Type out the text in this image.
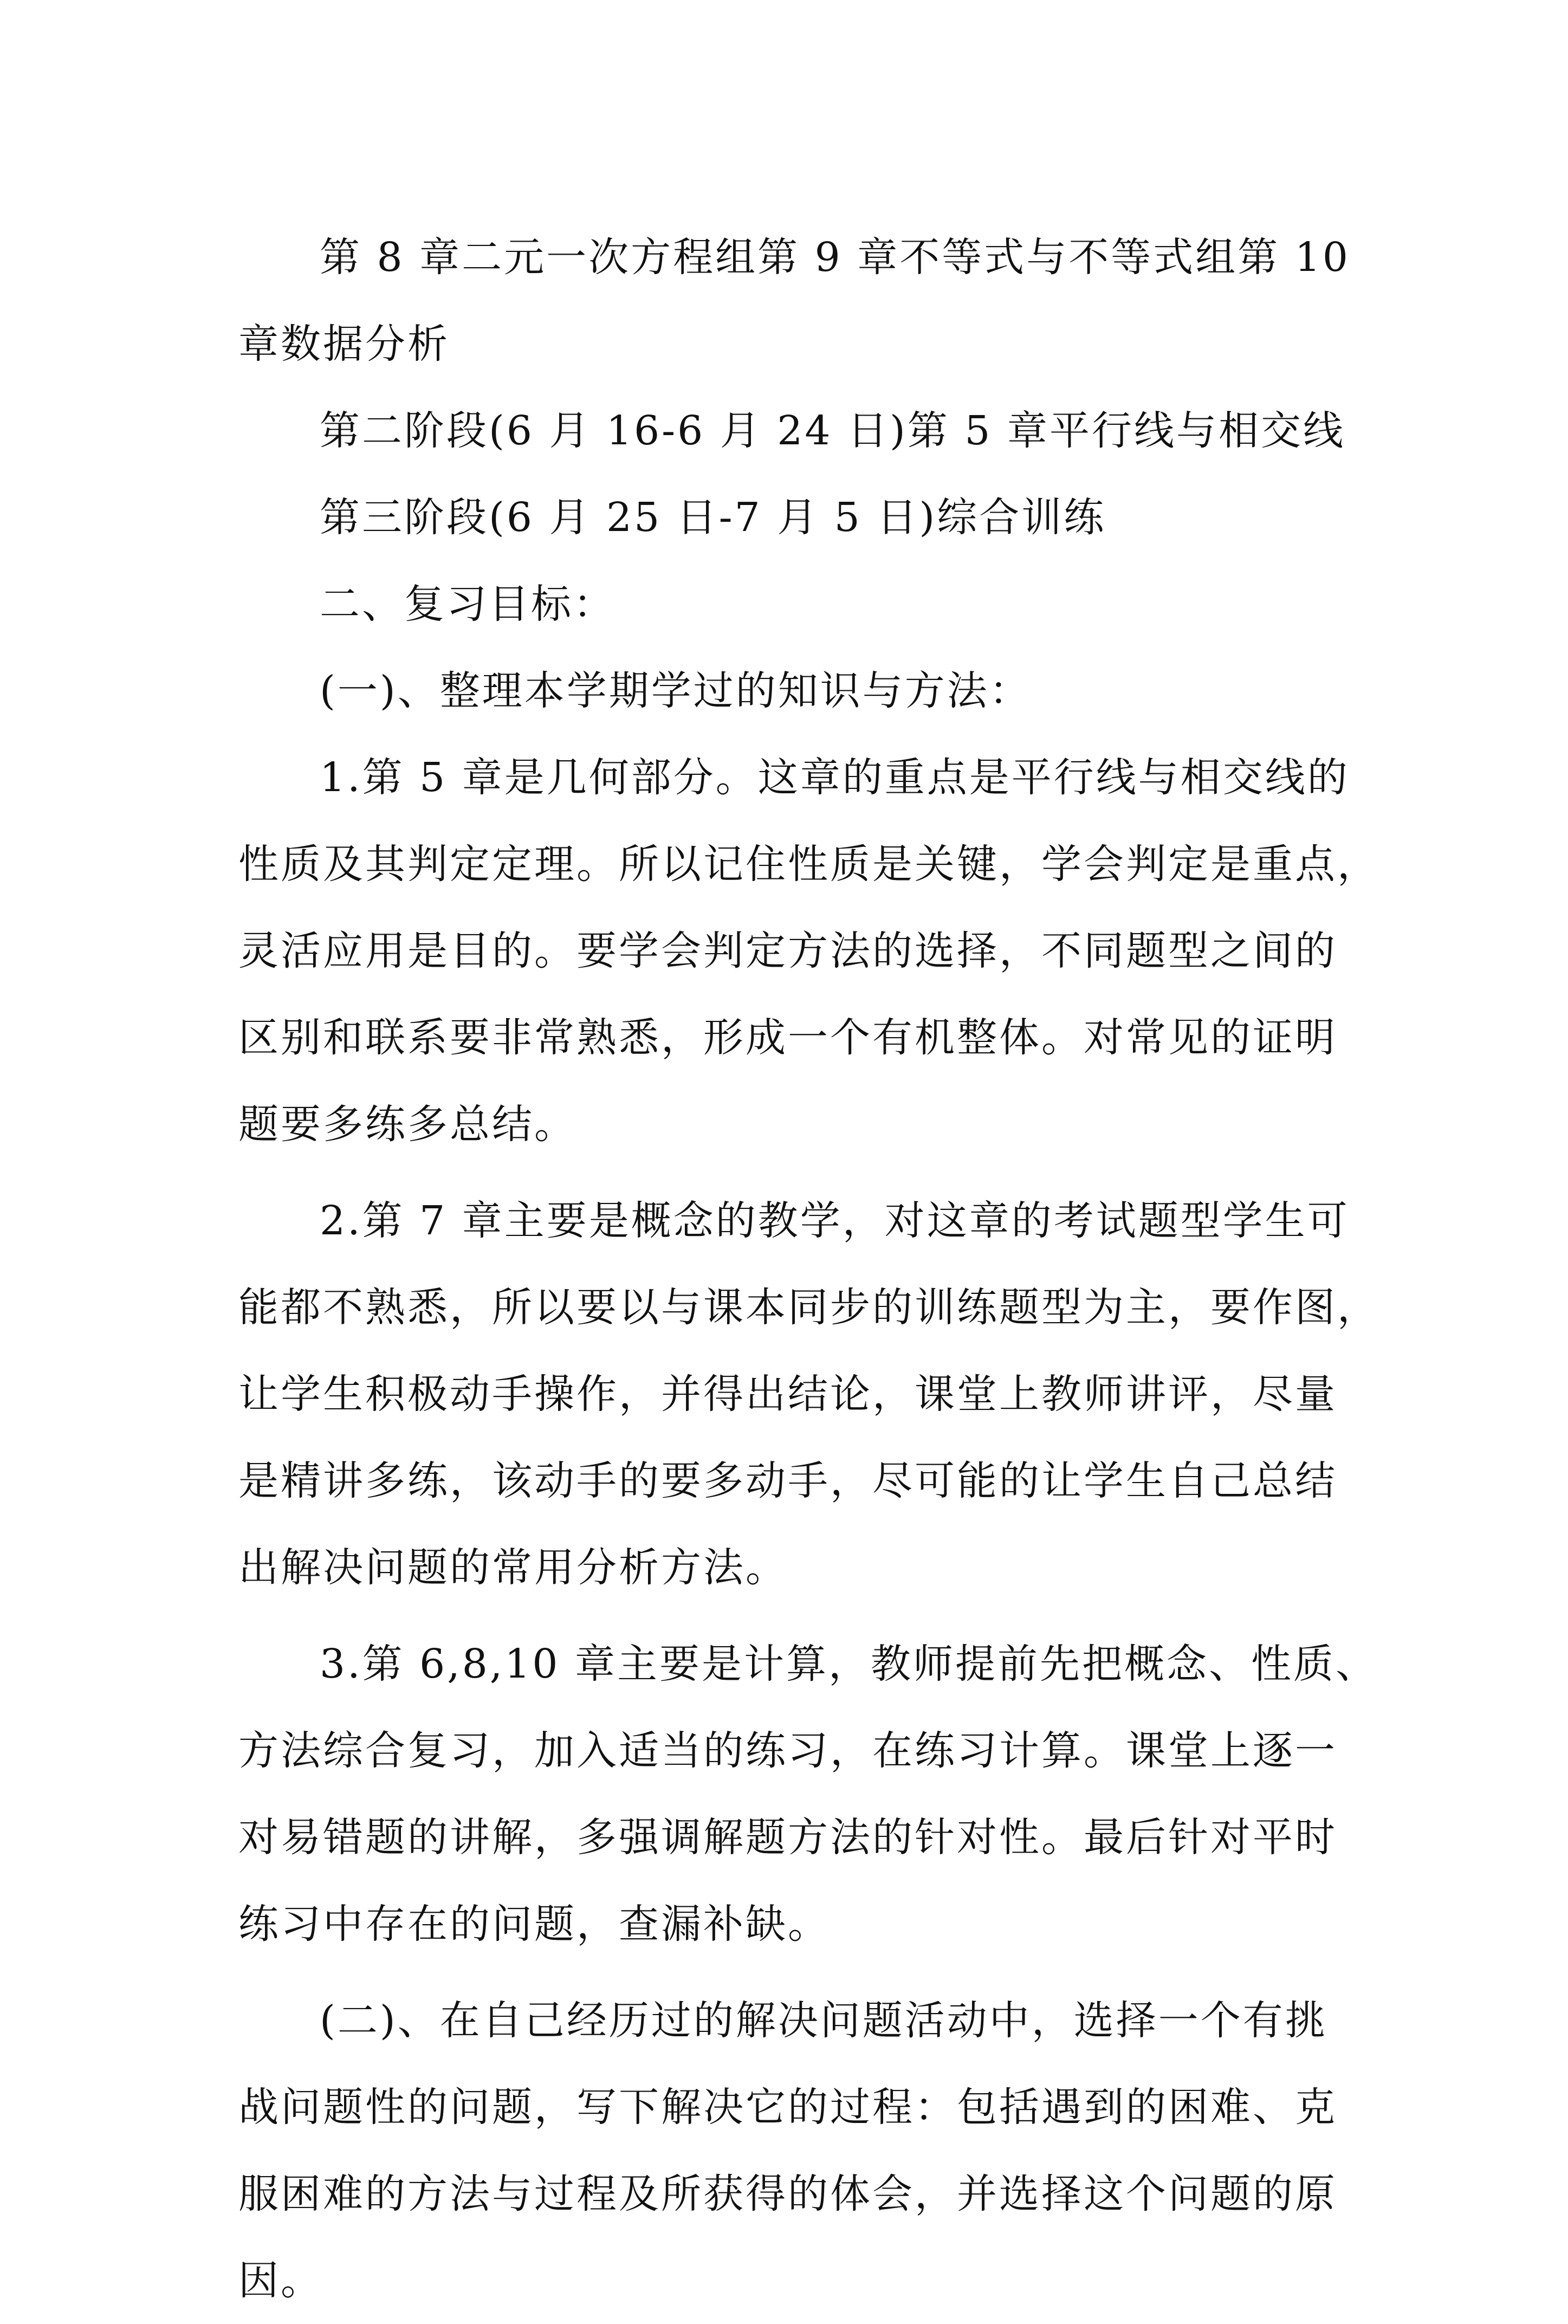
第 8 章二元一次方程组第 9 章不等式与不等式组第 10
章数据分析
第二阶段(6 月 16-6 月 24 日)第 5 章平行线与相交线
第三阶段(6 月 25 日-7 月 5 日)综合训练
二、复习目标：
(一)、整理本学期学过的知识与方法：
1.第 5 章是几何部分。这章的重点是平行线与相交线的
性质及其判定定理。所以记住性质是关键，学会判定是重点，
灵活应用是目的。要学会判定方法的选择，不同题型之间的
区别和联系要非常熟悉，形成一个有机整体。对常见的证明
题要多练多总结。
2.第 7 章主要是概念的教学，对这章的考试题型学生可
能都不熟悉，所以要以与课本同步的训练题型为主，要作图，
让学生积极动手操作，并得出结论，课堂上教师讲评，尽量
是精讲多练，该动手的要多动手，尽可能的让学生自己总结
出解决问题的常用分析方法。
3.第 6,8,10 章主要是计算，教师提前先把概念、性质、
方法综合复习，加入适当的练习，在练习计算。课堂上逐一
对易错题的讲解，多强调解题方法的针对性。最后针对平时
练习中存在的问题，查漏补缺。
(二)、在自己经历过的解决问题活动中，选择一个有挑
战问题性的问题，写下解决它的过程：包括遇到的困难、克
服困难的方法与过程及所获得的体会，并选择这个问题的原
因。
